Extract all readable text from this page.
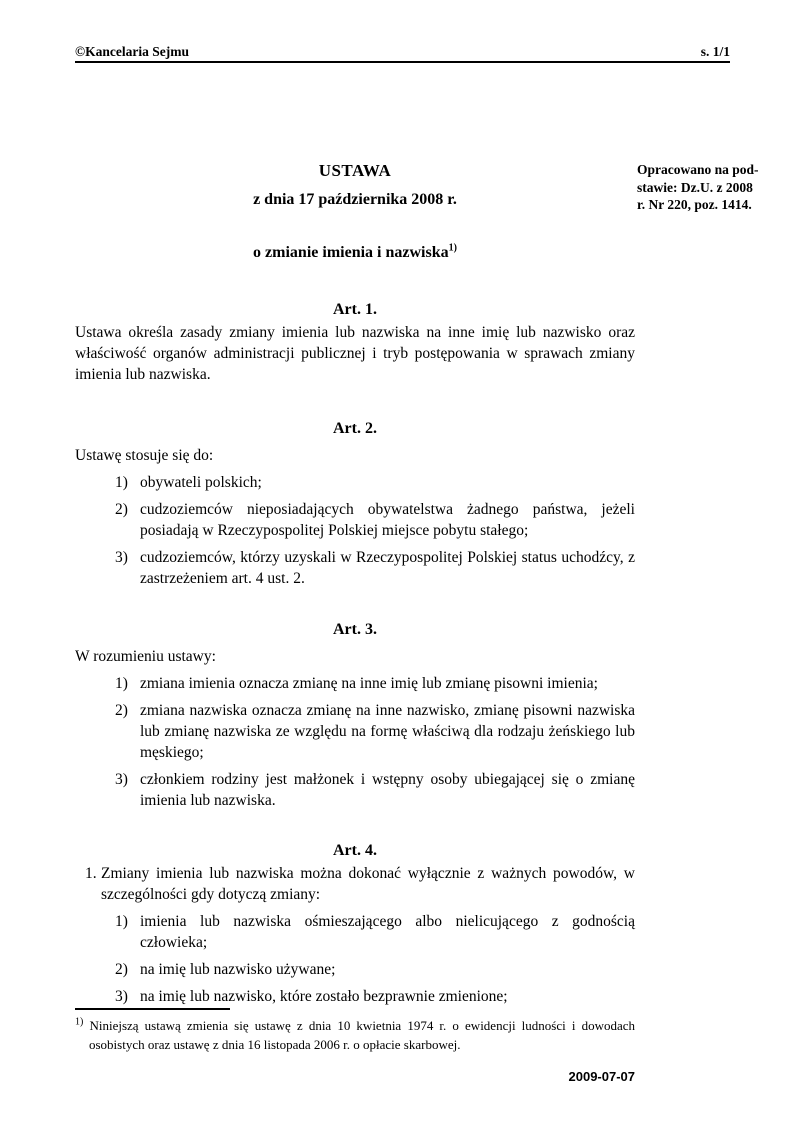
©Kancelaria Sejmu	s. 1/1
USTAWA
z dnia 17 października 2008 r.
o zmianie imienia i nazwiska$^{1)}$
Opracowano na pod-
stawie: Dz.U. z 2008
r. Nr 220, poz. 1414.
Art. 1.
Ustawa określa zasady zmiany imienia lub nazwiska na inne imię lub nazwisko oraz właściwość organów administracji publicznej i tryb postępowania w sprawach zmiany imienia lub nazwiska.
Art. 2.
Ustawę stosuje się do:
1) obywateli polskich;
2) cudzoziemców nieposiadających obywatelstwa żadnego państwa, jeżeli posiadają w Rzeczypospolitej Polskiej miejsce pobytu stałego;
3) cudzoziemców, którzy uzyskali w Rzeczypospolitej Polskiej status uchodźcy, z zastrzeżeniem art. 4 ust. 2.
Art. 3.
W rozumieniu ustawy:
1) zmiana imienia oznacza zmianę na inne imię lub zmianę pisowni imienia;
2) zmiana nazwiska oznacza zmianę na inne nazwisko, zmianę pisowni nazwiska lub zmianę nazwiska ze względu na formę właściwą dla rodzaju żeńskiego lub męskiego;
3) członkiem rodziny jest małżonek i wstępny osoby ubiegającej się o zmianę imienia lub nazwiska.
Art. 4.
1. Zmiany imienia lub nazwiska można dokonać wyłącznie z ważnych powodów, w szczególności gdy dotyczą zmiany:
1) imienia lub nazwiska ośmieszającego albo nielicującego z godnością człowieka;
2) na imię lub nazwisko używane;
3) na imię lub nazwisko, które zostało bezprawnie zmienione;
$^{1)}$ Niniejszą ustawą zmienia się ustawę z dnia 10 kwietnia 1974 r. o ewidencji ludności i dowodach osobistych oraz ustawę z dnia 16 listopada 2006 r. o opłacie skarbowej.
2009-07-07
